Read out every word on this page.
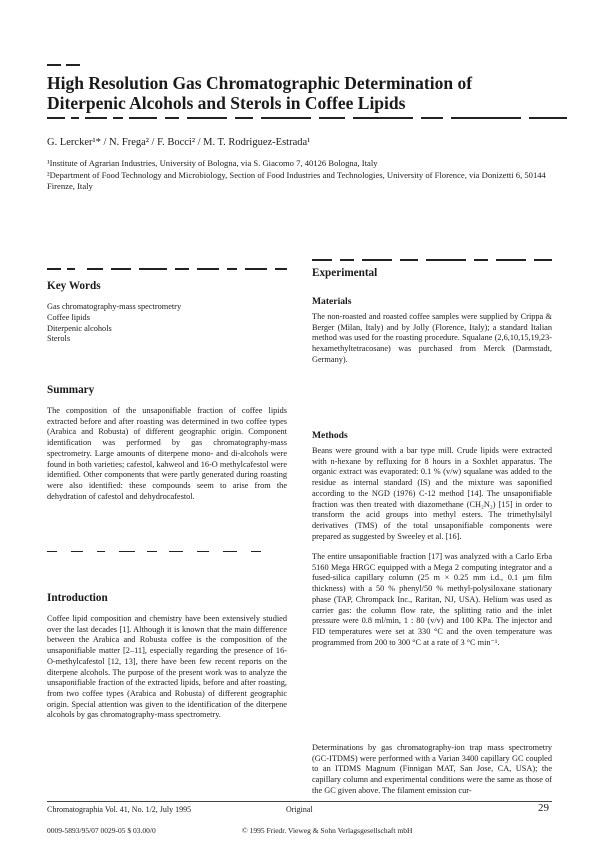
High Resolution Gas Chromatographic Determination of
Diterpenic Alcohols and Sterols in Coffee Lipids
G. Lercker¹* / N. Frega² / F. Bocci² / M. T. Rodriguez-Estrada¹
¹Institute of Agrarian Industries, University of Bologna, via S. Giacomo 7, 40126 Bologna, Italy
²Department of Food Technology and Microbiology, Section of Food Industries and Technologies, University of Florence, via Donizetti 6, 50144 Firenze, Italy
Key Words
Gas chromatography-mass spectrometry
Coffee lipids
Diterpenic alcohols
Sterols
Summary
The composition of the unsaponifiable fraction of coffee lipids extracted before and after roasting was determined in two coffee types (Arabica and Robusta) of different geographic origin. Component identification was performed by gas chromatography-mass spectrometry. Large amounts of diterpene mono- and di-alcohols were found in both varieties; cafestol, kahweol and 16-O methylcafestol were identified. Other components that were partly generated during roasting were also identified: these compounds seem to arise from the dehydration of cafestol and dehydrocafestol.
Introduction
Coffee lipid composition and chemistry have been extensively studied over the last decades [1]. Although it is known that the main difference between the Arabica and Robusta coffee is the composition of the unsaponifiable matter [2–11], especially regarding the presence of 16-O-methylcafestol [12, 13], there have been few recent reports on the diterpene alcohols. The purpose of the present work was to analyze the unsaponifiable fraction of the extracted lipids, before and after roasting, from two coffee types (Arabica and Robusta) of different geographic origin. Special attention was given to the identification of the diterpene alcohols by gas chromatography-mass spectrometry.
Experimental
Materials
The non-roasted and roasted coffee samples were supplied by Crippa & Berger (Milan, Italy) and by Jolly (Florence, Italy); a standard Italian method was used for the roasting procedure. Squalane (2,6,10,15,19,23-hexamethyltetracosane) was purchased from Merck (Darmstadt, Germany).
Methods
Beans were ground with a bar type mill. Crude lipids were extracted with n-hexane by refluxing for 8 hours in a Soxhlet apparatus. The organic extract was evaporated: 0.1 % (v/w) squalane was added to the residue as internal standard (IS) and the mixture was saponified according to the NGD (1976) C-12 method [14]. The unsaponifiable fraction was then treated with diazomethane (CH₂N₂) [15] in order to transform the acid groups into methyl esters. The trimethylsilyl derivatives (TMS) of the total unsaponifiable components were prepared as suggested by Sweeley et al. [16].
The entire unsaponifiable fraction [17] was analyzed with a Carlo Erba 5160 Mega HRGC equipped with a Mega 2 computing integrator and a fused-silica capillary column (25 m × 0.25 mm i.d., 0.1 μm film thickness) with a 50 % phenyl/50 % methyl-polysiloxane stationary phase (TAP, Chrompack Inc., Raritan, NJ, USA). Helium was used as carrier gas: the column flow rate, the splitting ratio and the inlet pressure were 0.8 ml/min, 1 : 80 (v/v) and 100 KPa. The injector and FID temperatures were set at 330 °C and the oven temperature was programmed from 200 to 300 °C at a rate of 3 °C min⁻¹.
Determinations by gas chromatography-ion trap mass spectrometry (GC-ITDMS) were performed with a Varian 3400 capillary GC coupled to an ITDMS Magnum (Finnigan MAT, San Jose, CA, USA); the capillary column and experimental conditions were the same as those of the GC given above. The filament emission cur-
Chromatographia Vol. 41, No. 1/2, July 1995	Original	29
0009-5893/95/07 0029-05 $ 03.00/0	© 1995 Friedr. Vieweg & Sohn Verlagsgesellschaft mbH
